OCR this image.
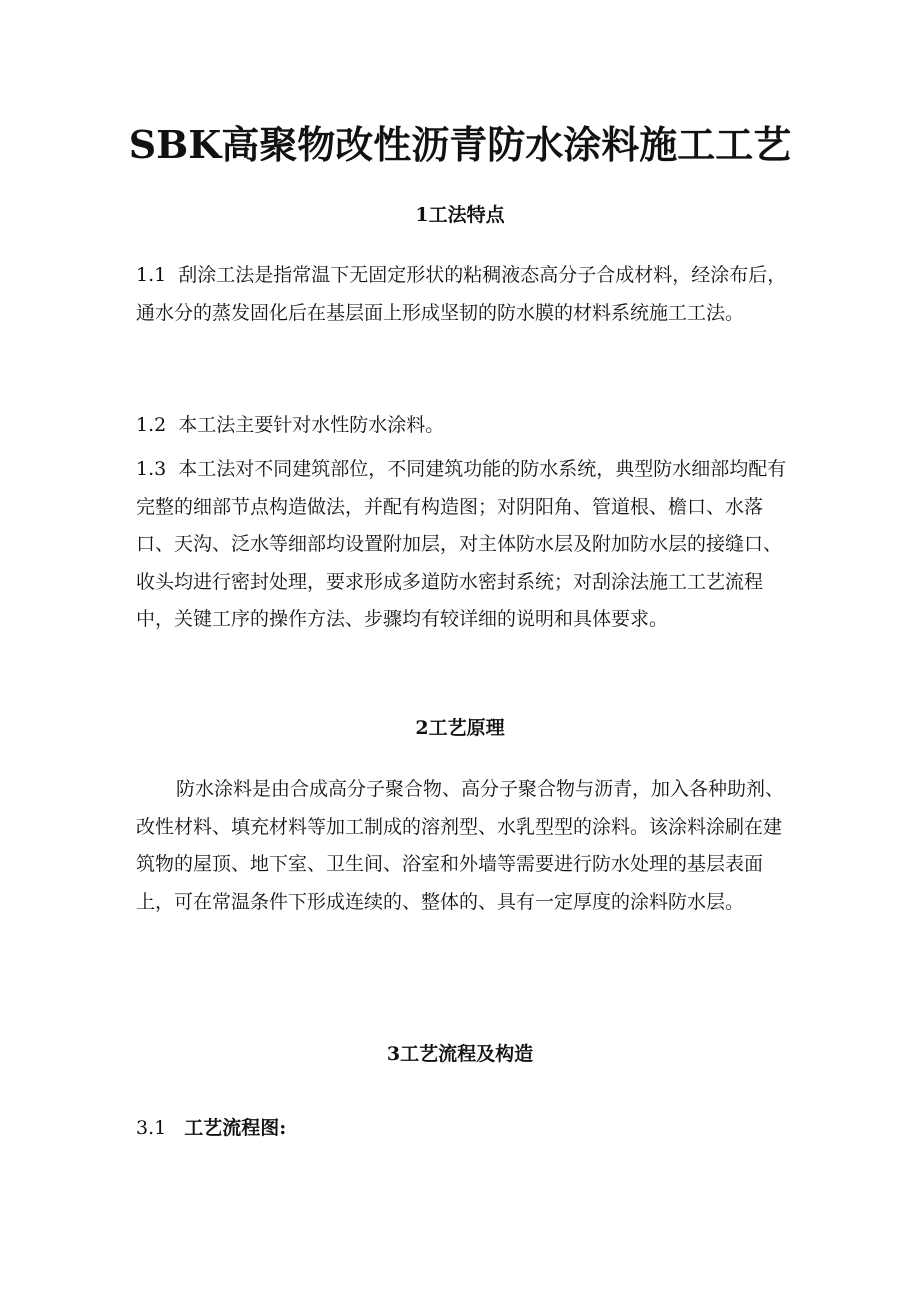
SBK高聚物改性沥青防水涂料施工工艺
1工法特点
1.1 刮涂工法是指常温下无固定形状的粘稠液态高分子合成材料，经涂布后，通水分的蒸发固化后在基层面上形成坚韧的防水膜的材料系统施工工法。
1.2 本工法主要针对水性防水涂料。
1.3 本工法对不同建筑部位，不同建筑功能的防水系统，典型防水细部均配有完整的细部节点构造做法，并配有构造图；对阴阳角、管道根、檐口、水落口、天沟、泛水等细部均设置附加层，对主体防水层及附加防水层的接缝口、收头均进行密封处理，要求形成多道防水密封系统；对刮涂法施工工艺流程中，关键工序的操作方法、步骤均有较详细的说明和具体要求。
2工艺原理
防水涂料是由合成高分子聚合物、高分子聚合物与沥青，加入各种助剂、改性材料、填充材料等加工制成的溶剂型、水乳型型的涂料。该涂料涂刷在建筑物的屋顶、地下室、卫生间、浴室和外墙等需要进行防水处理的基层表面上，可在常温条件下形成连续的、整体的、具有一定厚度的涂料防水层。
3工艺流程及构造
3.1 工艺流程图:
